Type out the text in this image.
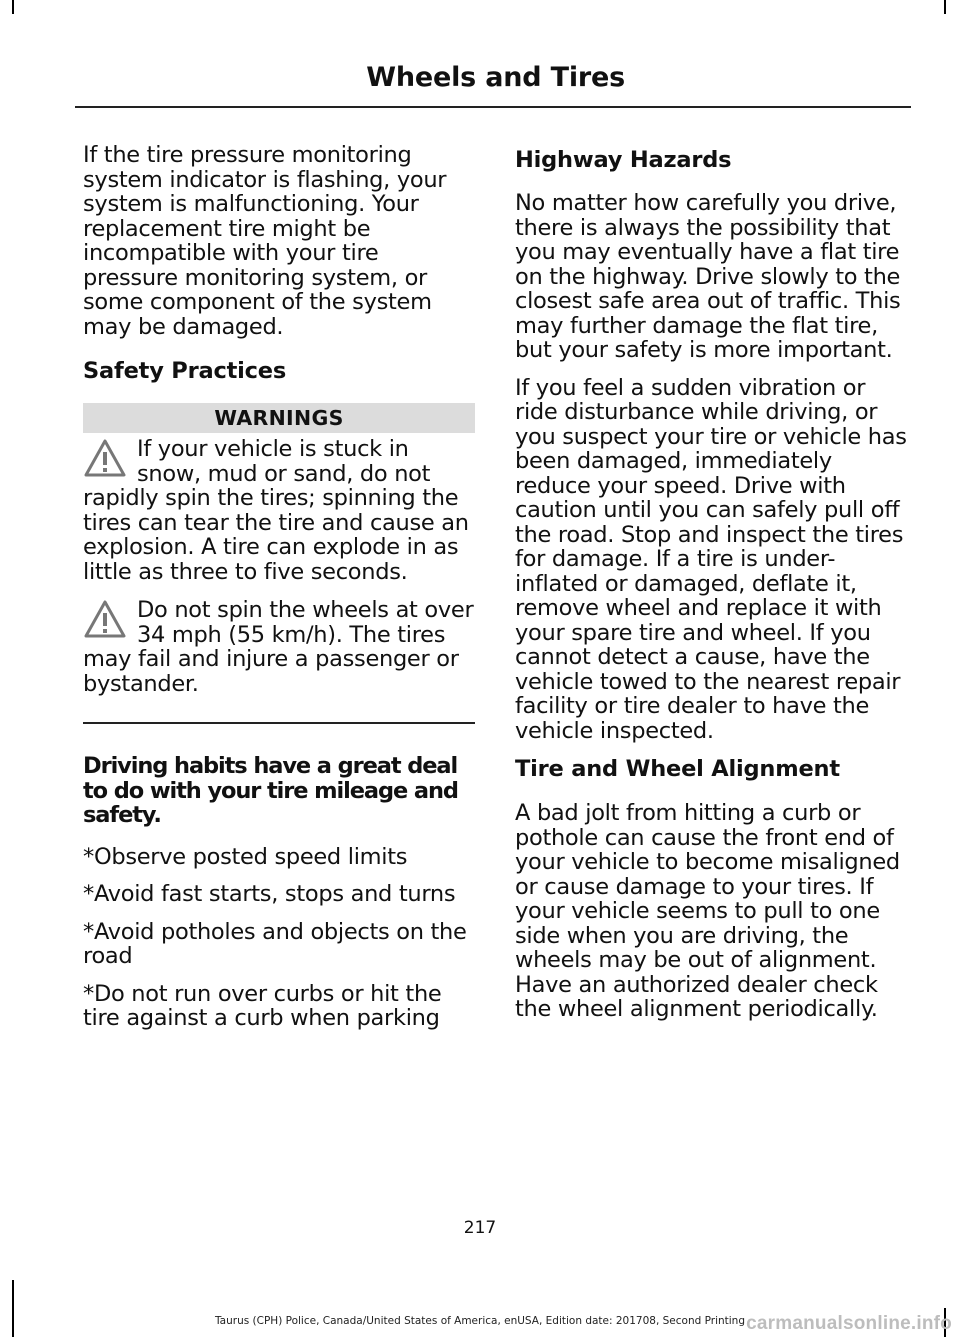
Wheels and Tires

If the tire pressure monitoring system indicator is flashing, your system is malfunctioning. Your replacement tire might be incompatible with your tire pressure monitoring system, or some component of the system may be damaged.

Safety Practices
WARNINGS
If your vehicle is stuck in snow, mud or sand, do not rapidly spin the tires; spinning the tires can tear the tire and cause an explosion. A tire can explode in as little as three to five seconds.
Do not spin the wheels at over 34 mph (55 km/h). The tires may fail and injure a passenger or bystander.
Driving habits have a great deal to do with your tire mileage and safety.

*Observe posted speed limits

*Avoid fast starts, stops and turns

*Avoid potholes and objects on the road

*Do not run over curbs or hit the tire against a curb when parking

Highway Hazards

No matter how carefully you drive, there is always the possibility that you may eventually have a flat tire on the highway. Drive slowly to the closest safe area out of traffic. This may further damage the flat tire, but your safety is more important.

If you feel a sudden vibration or ride disturbance while driving, or you suspect your tire or vehicle has been damaged, immediately reduce your speed. Drive with caution until you can safely pull off the road. Stop and inspect the tires for damage. If a tire is under-inflated or damaged, deflate it, remove wheel and replace it with your spare tire and wheel. If you cannot detect a cause, have the vehicle towed to the nearest repair facility or tire dealer to have the vehicle inspected.

Tire and Wheel Alignment

A bad jolt from hitting a curb or pothole can cause the front end of your vehicle to become misaligned or cause damage to your tires. If your vehicle seems to pull to one side when you are driving, the wheels may be out of alignment. Have an authorized dealer check the wheel alignment periodically.

217
Taurus (CPH) Police, Canada/United States of America, enUSA, Edition date: 201708, Second Printing carmanualsonline.info
